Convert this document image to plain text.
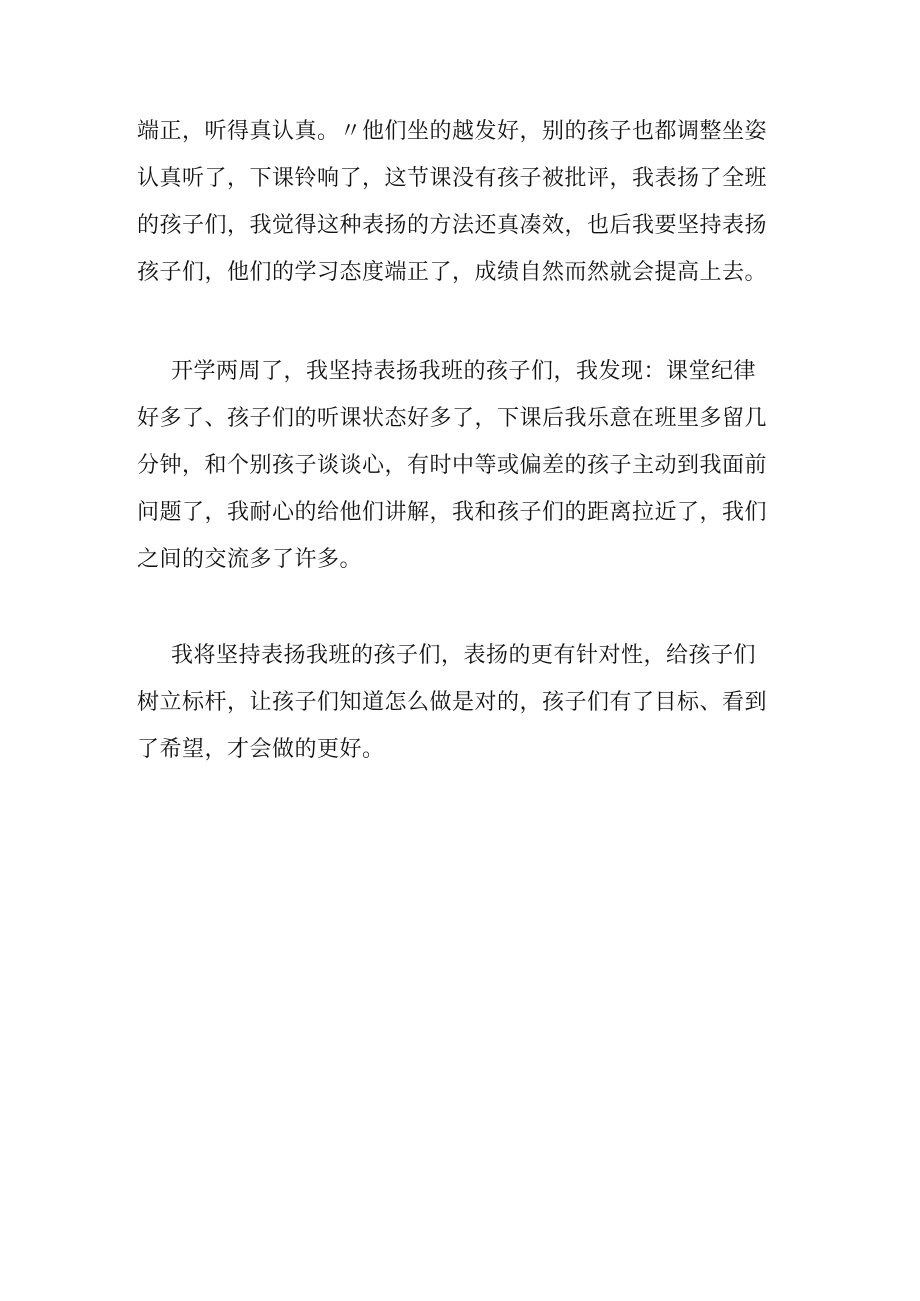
端正，听得真认真。〃他们坐的越发好，别的孩子也都调整坐姿
认真听了，下课铃响了，这节课没有孩子被批评，我表扬了全班
的孩子们，我觉得这种表扬的方法还真凑效，也后我要坚持表扬
孩子们，他们的学习态度端正了，成绩自然而然就会提高上去。
开学两周了，我坚持表扬我班的孩子们，我发现：课堂纪律
好多了、孩子们的听课状态好多了，下课后我乐意在班里多留几
分钟，和个别孩子谈谈心，有时中等或偏差的孩子主动到我面前
问题了，我耐心的给他们讲解，我和孩子们的距离拉近了，我们
之间的交流多了许多。
我将坚持表扬我班的孩子们，表扬的更有针对性，给孩子们
树立标杆，让孩子们知道怎么做是对的，孩子们有了目标、看到
了希望，才会做的更好。
